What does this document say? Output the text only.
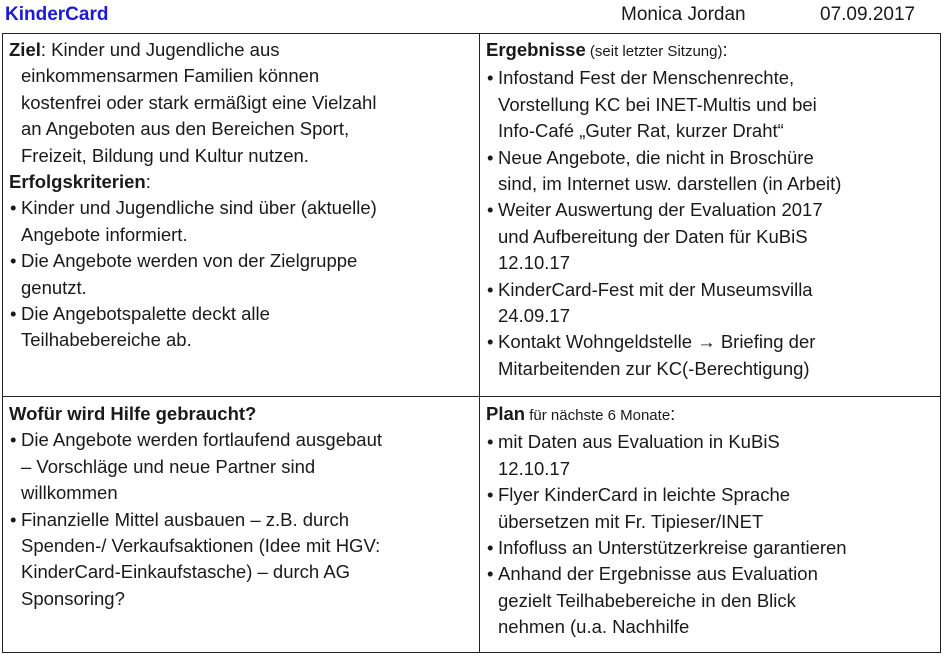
KinderCard	Monica Jordan	07.09.2017
Ziel: Kinder und Jugendliche aus
einkommensarmen Familien können
kostenfrei oder stark ermäßigt eine Vielzahl
an Angeboten aus den Bereichen Sport,
Freizeit, Bildung und Kultur nutzen.
Erfolgskriterien:
• Kinder und Jugendliche sind über (aktuelle)
Angebote informiert.
• Die Angebote werden von der Zielgruppe
genutzt.
• Die Angebotspalette deckt alle
Teilhabebereiche ab.
Ergebnisse (seit letzter Sitzung):
• Infostand Fest der Menschenrechte,
Vorstellung KC bei INET-Multis und bei
Info-Café „Guter Rat, kurzer Draht“
• Neue Angebote, die nicht in Broschüre
sind, im Internet usw. darstellen (in Arbeit)
• Weiter Auswertung der Evaluation 2017
und Aufbereitung der Daten für KuBiS
12.10.17
• KinderCard-Fest mit der Museumsvilla
24.09.17
• Kontakt Wohngeldstelle → Briefing der
Mitarbeitenden zur KC(-Berechtigung)
Wofür wird Hilfe gebraucht?
• Die Angebote werden fortlaufend ausgebaut
– Vorschläge und neue Partner sind
willkommen
• Finanzielle Mittel ausbauen – z.B. durch
Spenden-/ Verkaufsaktionen (Idee mit HGV:
KinderCard-Einkaufstasche) – durch AG
Sponsoring?
Plan für nächste 6 Monate:
• mit Daten aus Evaluation in KuBiS
12.10.17
• Flyer KinderCard in leichte Sprache
übersetzen mit Fr. Tipieser/INET
• Infofluss an Unterstützerkreise garantieren
• Anhand der Ergebnisse aus Evaluation
gezielt Teilhabebereiche in den Blick
nehmen (u.a. Nachhilfe
